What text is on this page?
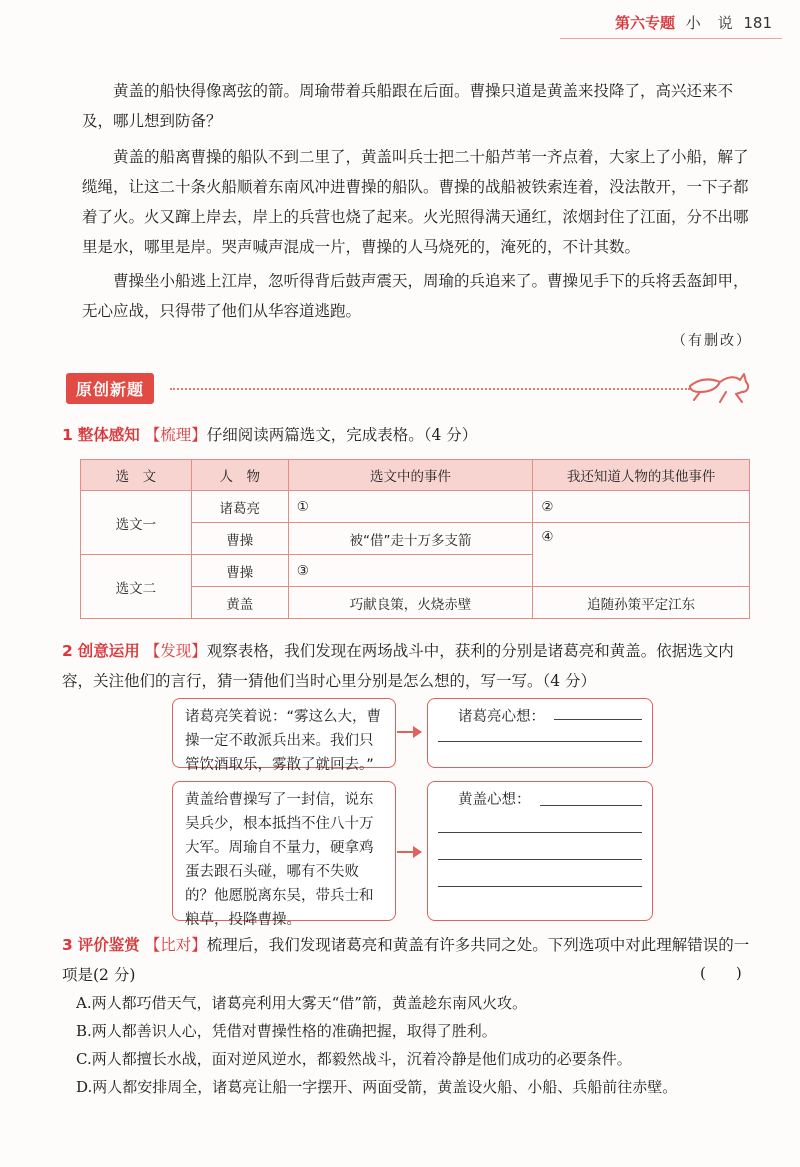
第六专题 小 说 181

黄盖的船快得像离弦的箭。周瑜带着兵船跟在后面。曹操只道是黄盖来投降了，高兴还来不及，哪儿想到防备？

黄盖的船离曹操的船队不到二里了，黄盖叫兵士把二十船芦苇一齐点着，大家上了小船，解了缆绳，让这二十条火船顺着东南风冲进曹操的船队。曹操的战船被铁索连着，没法散开，一下子都着了火。火又蹿上岸去，岸上的兵营也烧了起来。火光照得满天通红，浓烟封住了江面，分不出哪里是水，哪里是岸。哭声喊声混成一片，曹操的人马烧死的，淹死的，不计其数。

曹操坐小船逃上江岸，忽听得背后鼓声震天，周瑜的兵追来了。曹操见手下的兵将丢盔卸甲，无心应战，只得带了他们从华容道逃跑。

（有删改）
原创新题
1 整体感知 【梳理】仔细阅读两篇选文，完成表格。（4 分）
选　文	人　物	选文中的事件	我还知道人物的其他事件
选文一	诸葛亮	①	②
	曹操	被“借”走十万多支箭	④
选文二	曹操	③	
	黄盖	巧献良策，火烧赤壁	追随孙策平定江东
2 创意运用 【发现】观察表格，我们发现在两场战斗中，获利的分别是诸葛亮和黄盖。依据选文内容，关注他们的言行，猜一猜他们当时心里分别是怎么想的，写一写。（4 分）
诸葛亮笑着说：“雾这么大，曹操一定不敢派兵出来。我们只管饮酒取乐，雾散了就回去。”
诸葛亮心想：
黄盖给曹操写了一封信，说东吴兵少，根本抵挡不住八十万大军。周瑜自不量力，硬拿鸡蛋去跟石头碰，哪有不失败的？他愿脱离东吴，带兵士和粮草，投降曹操。
黄盖心想：
3 评价鉴赏 【比对】梳理后，我们发现诸葛亮和黄盖有许多共同之处。下列选项中对此理解错误的一项是(2 分)	(　　)
A.两人都巧借天气，诸葛亮利用大雾天“借”箭，黄盖趁东南风火攻。
B.两人都善识人心，凭借对曹操性格的准确把握，取得了胜利。
C.两人都擅长水战，面对逆风逆水，都毅然战斗，沉着冷静是他们成功的必要条件。
D.两人都安排周全，诸葛亮让船一字摆开、两面受箭，黄盖设火船、小船、兵船前往赤壁。
